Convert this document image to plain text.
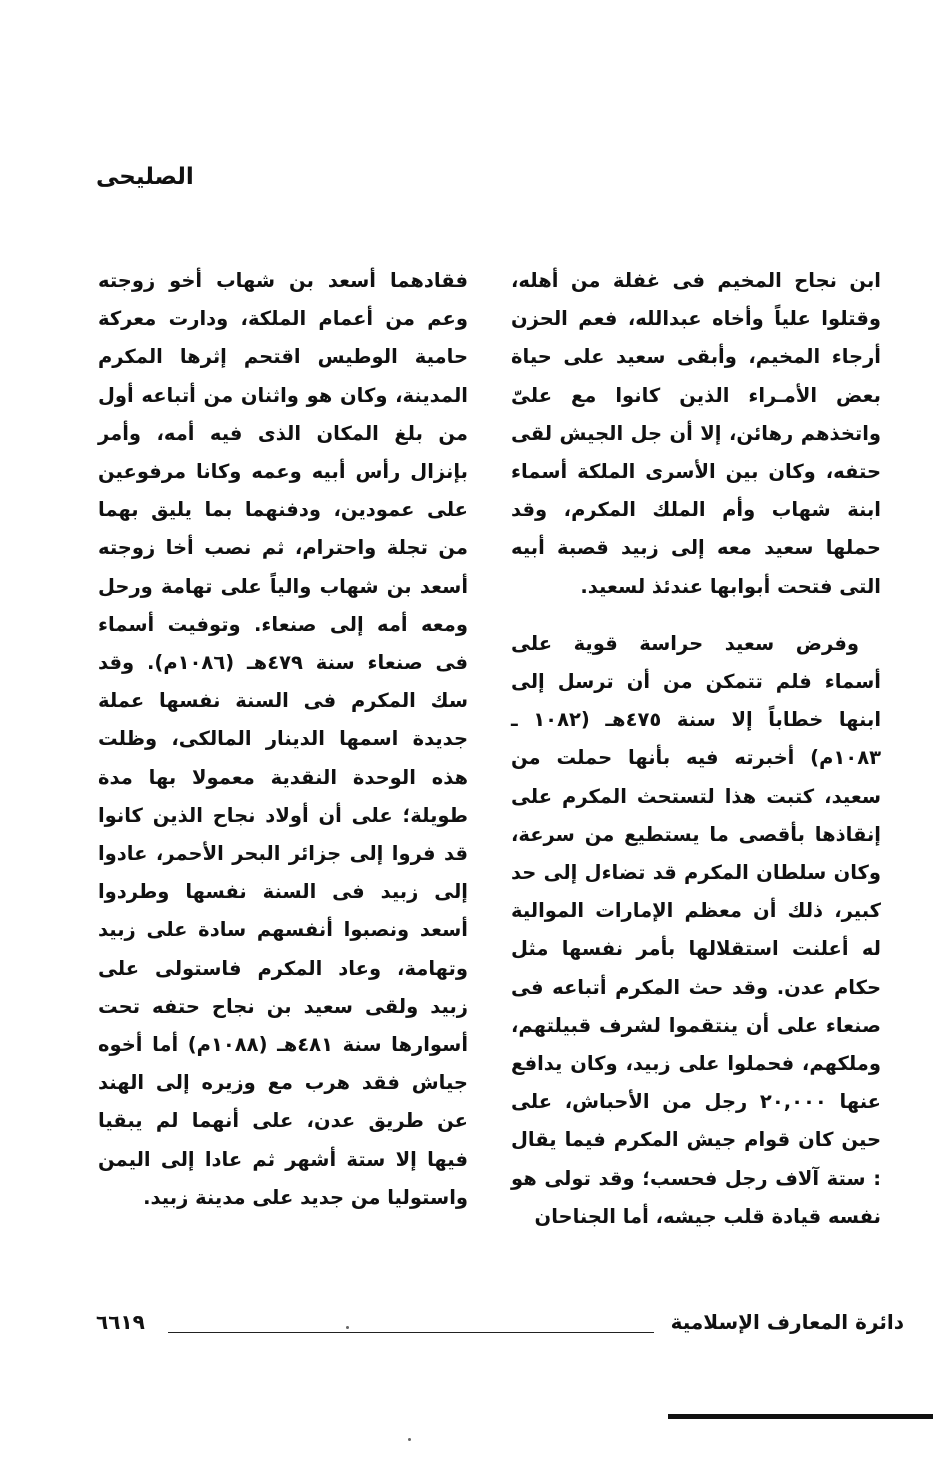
الصليحى

ابن نجاح المخيم فى غفلة من أهله، وقتلوا علياً وأخاه عبدالله، فعم الحزن أرجاء المخيم، وأبقى سعيد على حياة بعض الأمـراء الذين كانوا مع علىّ واتخذهم رهائن، إلا أن جل الجيش لقى حتفه، وكان بين الأسرى الملكة أسماء ابنة شهاب وأم الملك المكرم، وقد حملها سعيد معه إلى زبيد قصبة أبيه التى فتحت أبوابها عندئذ لسعيد.

وفرض سعيد حراسة قوية على أسماء فلم تتمكن من أن ترسل إلى ابنها خطاباً إلا سنة ٤٧٥هـ (١٠٨٢ ـ ١٠٨٣م) أخبرته فيه بأنها حملت من سعيد، كتبت هذا لتستحث المكرم على إنقاذها بأقصى ما يستطيع من سرعة، وكان سلطان المكرم قد تضاءل إلى حد كبير، ذلك أن معظم الإمارات الموالية له أعلنت استقلالها بأمر نفسها مثل حكام عدن. وقد حث المكرم أتباعه فى صنعاء على أن ينتقموا لشرف قبيلتهم، وملكهم، فحملوا على زبيد، وكان يدافع عنها ٢٠,٠٠٠ رجل من الأحباش، على حين كان قوام جيش المكرم فيما يقال : ستة آلاف رجل فحسب؛ وقد تولى هو نفسه قيادة قلب جيشه، أما الجناحان

فقادهما أسعد بن شهاب أخو زوجته وعم من أعمام الملكة، ودارت معركة حامية الوطيس اقتحم إثرها المكرم المدينة، وكان هو واثنان من أتباعه أول من بلغ المكان الذى فيه أمه، وأمر بإنزال رأس أبيه وعمه وكانا مرفوعين على عمودين، ودفنهما بما يليق بهما من تجلة واحترام، ثم نصب أخا زوجته أسعد بن شهاب والياً على تهامة ورحل ومعه أمه إلى صنعاء. وتوفيت أسماء فى صنعاء سنة ٤٧٩هـ (١٠٨٦م). وقد سك المكرم فى السنة نفسها عملة جديدة اسمها الدينار المالكى، وظلت هذه الوحدة النقدية معمولا بها مدة طويلة؛ على أن أولاد نجاح الذين كانوا قد فروا إلى جزائر البحر الأحمر، عادوا إلى زبيد فى السنة نفسها وطردوا أسعد ونصبوا أنفسهم سادة على زبيد وتهامة، وعاد المكرم فاستولى على زبيد ولقى سعيد بن نجاح حتفه تحت أسوارها سنة ٤٨١هـ (١٠٨٨م) أما أخوه جياش فقد هرب مع وزيره إلى الهند عن طريق عدن، على أنهما لم يبقيا فيها إلا ستة أشهر ثم عادا إلى اليمن واستوليا من جديد على مدينة زبيد.

دائرة المعارف الإسلامية
٦٦١٩
